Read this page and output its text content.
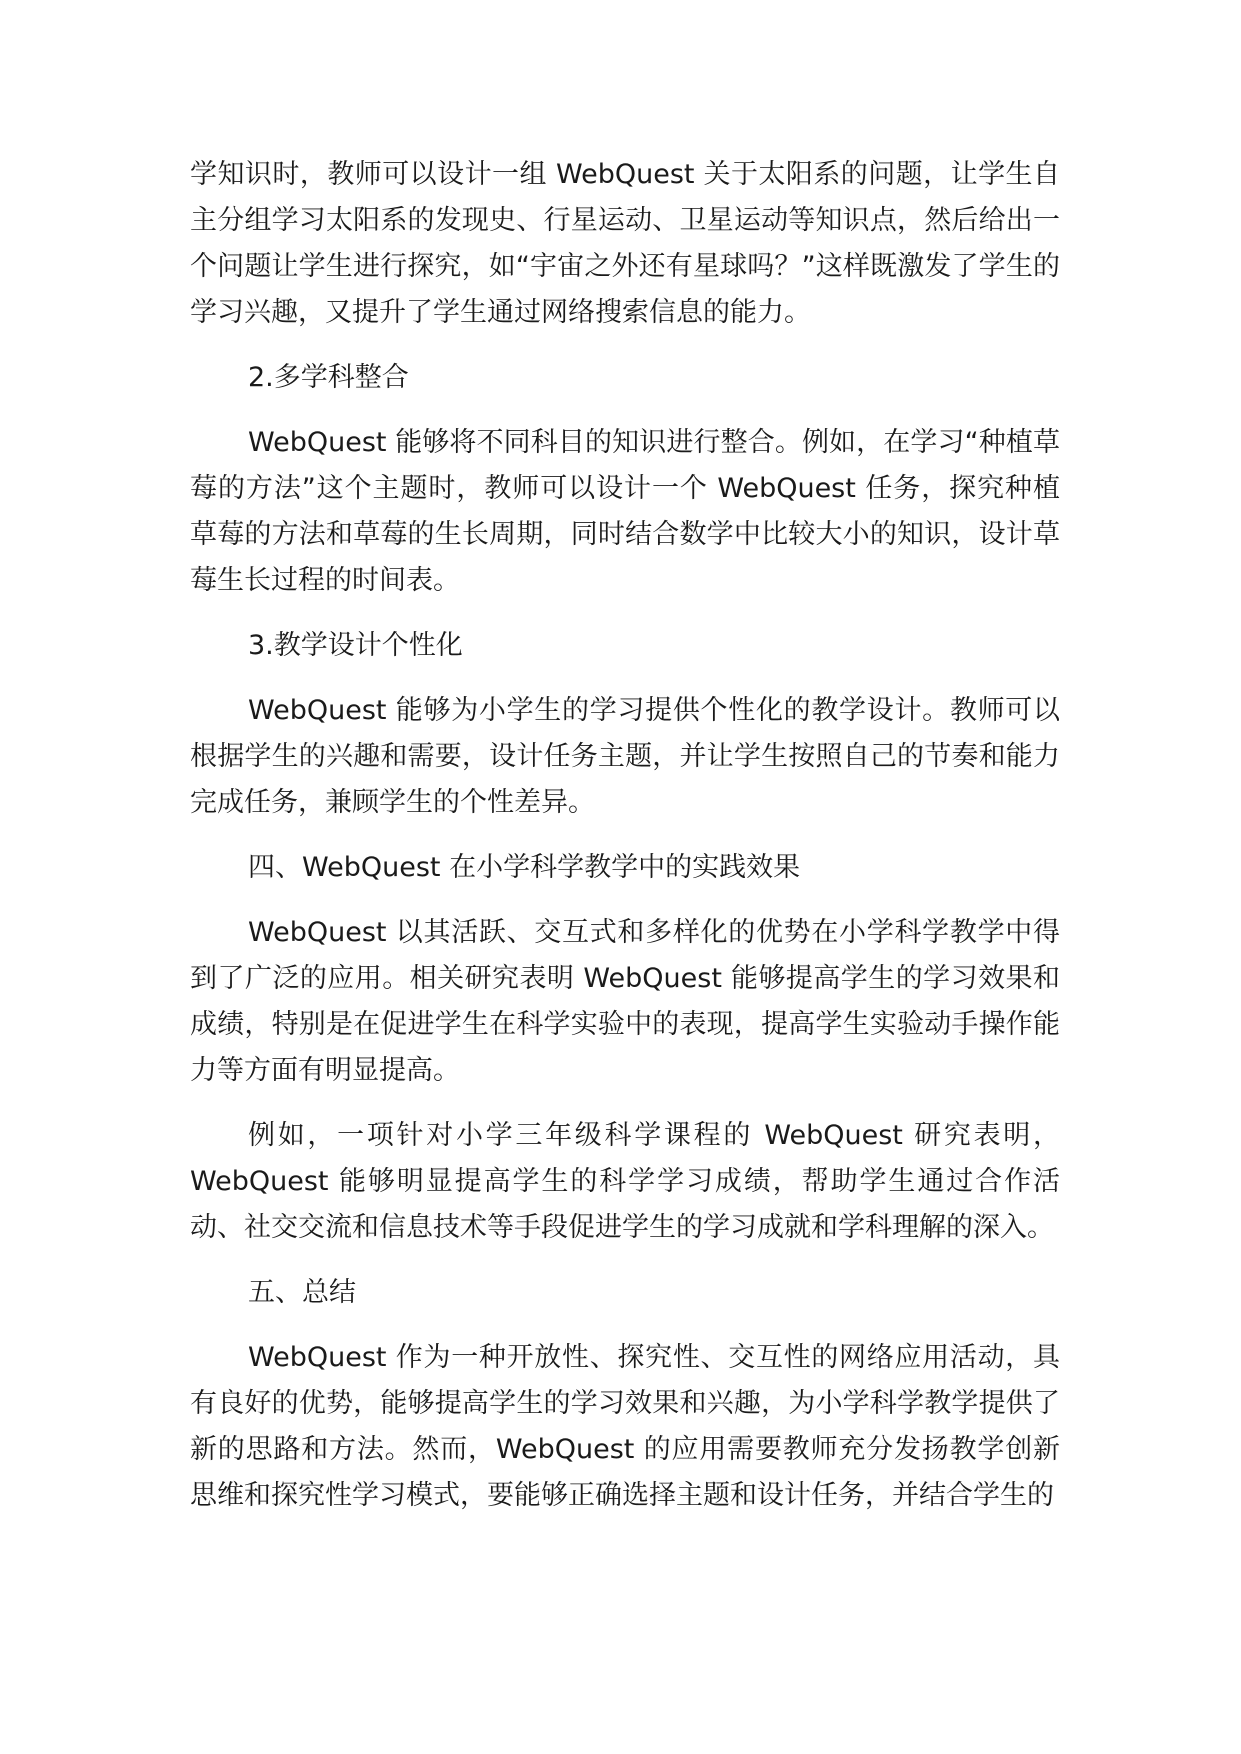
学知识时，教师可以设计一组 WebQuest 关于太阳系的问题，让学生自主分组学习太阳系的发现史、行星运动、卫星运动等知识点，然后给出一个问题让学生进行探究，如“宇宙之外还有星球吗？”这样既激发了学生的学习兴趣，又提升了学生通过网络搜索信息的能力。

2.多学科整合

WebQuest 能够将不同科目的知识进行整合。例如，在学习“种植草莓的方法”这个主题时，教师可以设计一个 WebQuest 任务，探究种植草莓的方法和草莓的生长周期，同时结合数学中比较大小的知识，设计草莓生长过程的时间表。

3.教学设计个性化

WebQuest 能够为小学生的学习提供个性化的教学设计。教师可以根据学生的兴趣和需要，设计任务主题，并让学生按照自己的节奏和能力完成任务，兼顾学生的个性差异。

四、WebQuest 在小学科学教学中的实践效果

WebQuest 以其活跃、交互式和多样化的优势在小学科学教学中得到了广泛的应用。相关研究表明 WebQuest 能够提高学生的学习效果和成绩，特别是在促进学生在科学实验中的表现，提高学生实验动手操作能力等方面有明显提高。

例如，一项针对小学三年级科学课程的 WebQuest 研究表明，WebQuest 能够明显提高学生的科学学习成绩，帮助学生通过合作活动、社交交流和信息技术等手段促进学生的学习成就和学科理解的深入。

五、总结

WebQuest 作为一种开放性、探究性、交互性的网络应用活动，具有良好的优势，能够提高学生的学习效果和兴趣，为小学科学教学提供了新的思路和方法。然而，WebQuest 的应用需要教师充分发扬教学创新思维和探究性学习模式，要能够正确选择主题和设计任务，并结合学生的
